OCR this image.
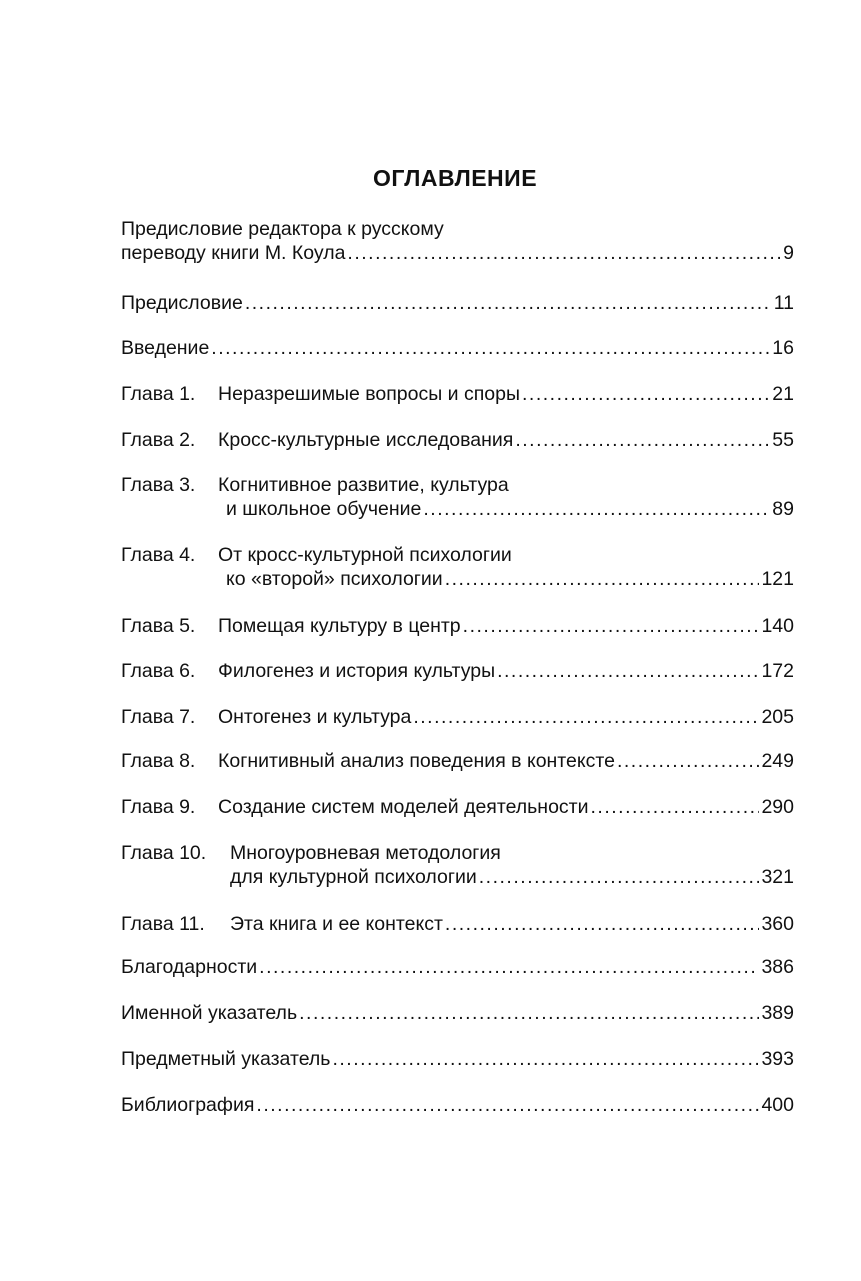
ОГЛАВЛЕНИЕ
Предисловие редактора к русскому
переводу книги М. Коула .....	9
Предисловие .....	11
Введение .....	16
Глава 1. Неразрешимые вопросы и споры .....	21
Глава 2. Кросс-культурные исследования .....	55
Глава 3. Когнитивное развитие, культура
и школьное обучение .....	89
Глава 4. От кросс-культурной психологии
ко «второй» психологии .....	121
Глава 5. Помещая культуру в центр .....	140
Глава 6. Филогенез и история культуры .....	172
Глава 7. Онтогенез и культура .....	205
Глава 8. Когнитивный анализ поведения в контексте .....	249
Глава 9. Создание систем моделей деятельности .....	290
Глава 10. Многоуровневая методология
для культурной психологии .....	321
Глава 11. Эта книга и ее контекст .....	360
Благодарности .....	386
Именной указатель .....	389
Предметный указатель .....	393
Библиография .....	400
